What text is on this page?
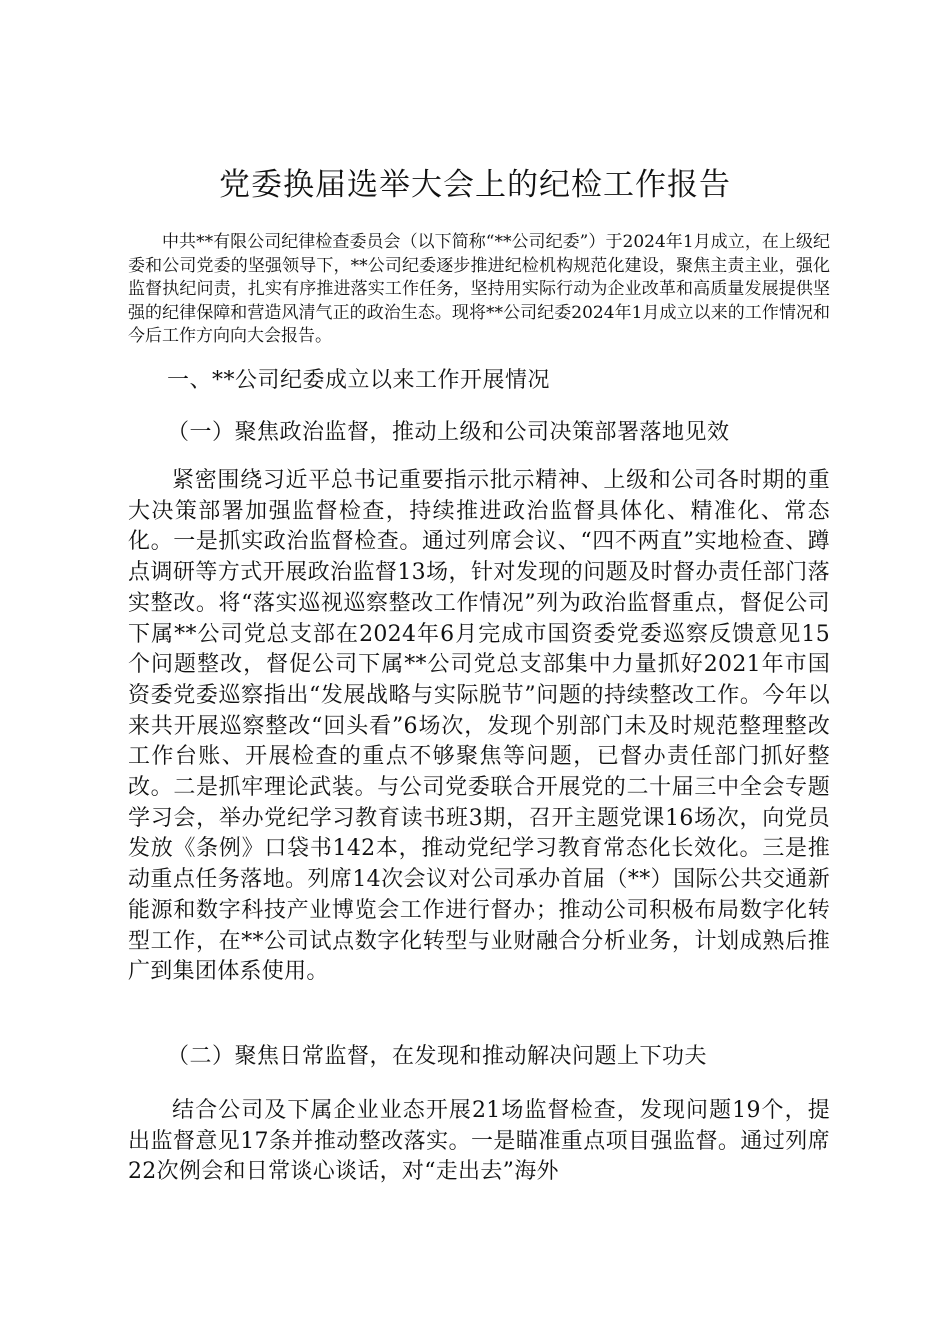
党委换届选举大会上的纪检工作报告

中共**有限公司纪律检查委员会（以下简称“**公司纪委”）于2024年1月成立，在上级纪委和公司党委的坚强领导下，**公司纪委逐步推进纪检机构规范化建设，聚焦主责主业，强化监督执纪问责，扎实有序推进落实工作任务，坚持用实际行动为企业改革和高质量发展提供坚强的纪律保障和营造风清气正的政治生态。现将**公司纪委2024年1月成立以来的工作情况和今后工作方向向大会报告。

一、**公司纪委成立以来工作开展情况
（一）聚焦政治监督，推动上级和公司决策部署落地见效

紧密围绕习近平总书记重要指示批示精神、上级和公司各时期的重大决策部署加强监督检查，持续推进政治监督具体化、精准化、常态化。一是抓实政治监督检查。通过列席会议、“四不两直”实地检查、蹲点调研等方式开展政治监督13场，针对发现的问题及时督办责任部门落实整改。将“落实巡视巡察整改工作情况”列为政治监督重点，督促公司下属**公司党总支部在2024年6月完成市国资委党委巡察反馈意见15个问题整改，督促公司下属**公司党总支部集中力量抓好2021年市国资委党委巡察指出“发展战略与实际脱节”问题的持续整改工作。今年以来共开展巡察整改“回头看”6场次，发现个别部门未及时规范整理整改工作台账、开展检查的重点不够聚焦等问题，已督办责任部门抓好整改。二是抓牢理论武装。与公司党委联合开展党的二十届三中全会专题学习会，举办党纪学习教育读书班3期，召开主题党课16场次，向党员发放《条例》口袋书142本，推动党纪学习教育常态化长效化。三是推动重点任务落地。列席14次会议对公司承办首届（**）国际公共交通新能源和数字科技产业博览会工作进行督办；推动公司积极布局数字化转型工作，在**公司试点数字化转型与业财融合分析业务，计划成熟后推广到集团体系使用。

（二）聚焦日常监督，在发现和推动解决问题上下功夫

结合公司及下属企业业态开展21场监督检查，发现问题19个，提出监督意见17条并推动整改落实。一是瞄准重点项目强监督。通过列席22次例会和日常谈心谈话，对“走出去”海外
